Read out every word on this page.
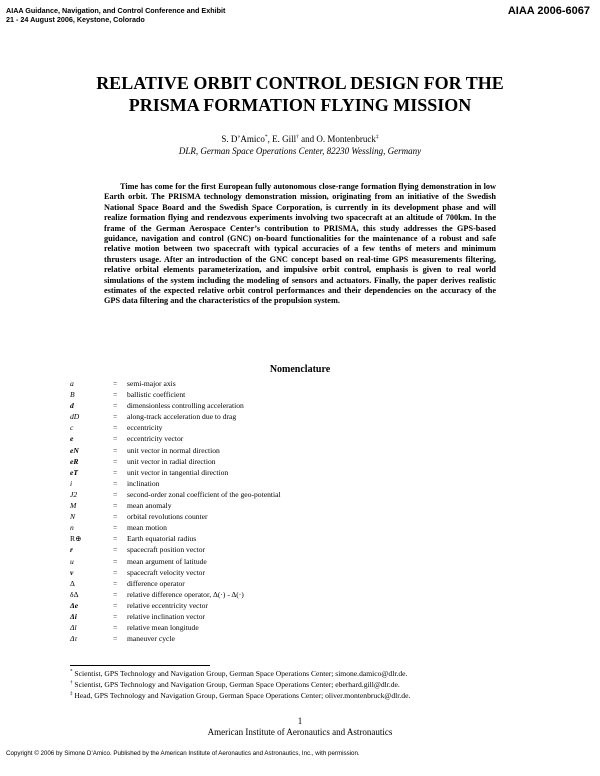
AIAA Guidance, Navigation, and Control Conference and Exhibit
21 - 24 August 2006, Keystone, Colorado
AIAA 2006-6067
RELATIVE ORBIT CONTROL DESIGN FOR THE
PRISMA FORMATION FLYING MISSION
S. D’Amico*, E. Gill† and O. Montenbruck‡
DLR, German Space Operations Center, 82230 Wessling, Germany

Time has come for the first European fully autonomous close-range formation flying demonstration in low Earth orbit. The PRISMA technology demonstration mission, originating from an initiative of the Swedish National Space Board and the Swedish Space Corporation, is currently in its development phase and will realize formation flying and rendezvous experiments involving two spacecraft at an altitude of 700km. In the frame of the German Aerospace Center’s contribution to PRISMA, this study addresses the GPS-based guidance, navigation and control (GNC) on-board functionalities for the maintenance of a robust and safe relative motion between two spacecraft with typical accuracies of a few tenths of meters and minimum thrusters usage. After an introduction of the GNC concept based on real-time GPS measurements filtering, relative orbital elements parameterization, and impulsive orbit control, emphasis is given to real world simulations of the system including the modeling of sensors and actuators. Finally, the paper derives realistic estimates of the expected relative orbit control performances and their dependencies on the accuracy of the GPS data filtering and the characteristics of the propulsion system.

Nomenclature
a	= semi-major axis
B	= ballistic coefficient
d	= dimensionless controlling acceleration
dD	= along-track acceleration due to drag
c	= eccentricity
e	= eccentricity vector
eN	= unit vector in normal direction
eR	= unit vector in radial direction
eT	= unit vector in tangential direction
i	= inclination
J2	= second-order zonal coefficient of the geo-potential
M	= mean anomaly
N	= orbital revolutions counter
n	= mean motion
R⊕	= Earth equatorial radius
r	= spacecraft position vector
u	= mean argument of latitude
v	= spacecraft velocity vector
Δ	= difference operator
δΔ	= relative difference operator, Δ(·) - Δ(·)
Δe	= relative eccentricity vector
Δi	= relative inclination vector
Δl	= relative mean longitude
Δτ	= maneuver cycle
* Scientist, GPS Technology and Navigation Group, German Space Operations Center; simone.damico@dlr.de.
† Scientist, GPS Technology and Navigation Group, German Space Operations Center; eberhard.gill@dlr.de.
‡ Head, GPS Technology and Navigation Group, German Space Operations Center; oliver.montenbruck@dlr.de.
1
American Institute of Aeronautics and Astronautics
Copyright © 2006 by Simone D’Amico. Published by the American Institute of Aeronautics and Astronautics, Inc., with permission.
